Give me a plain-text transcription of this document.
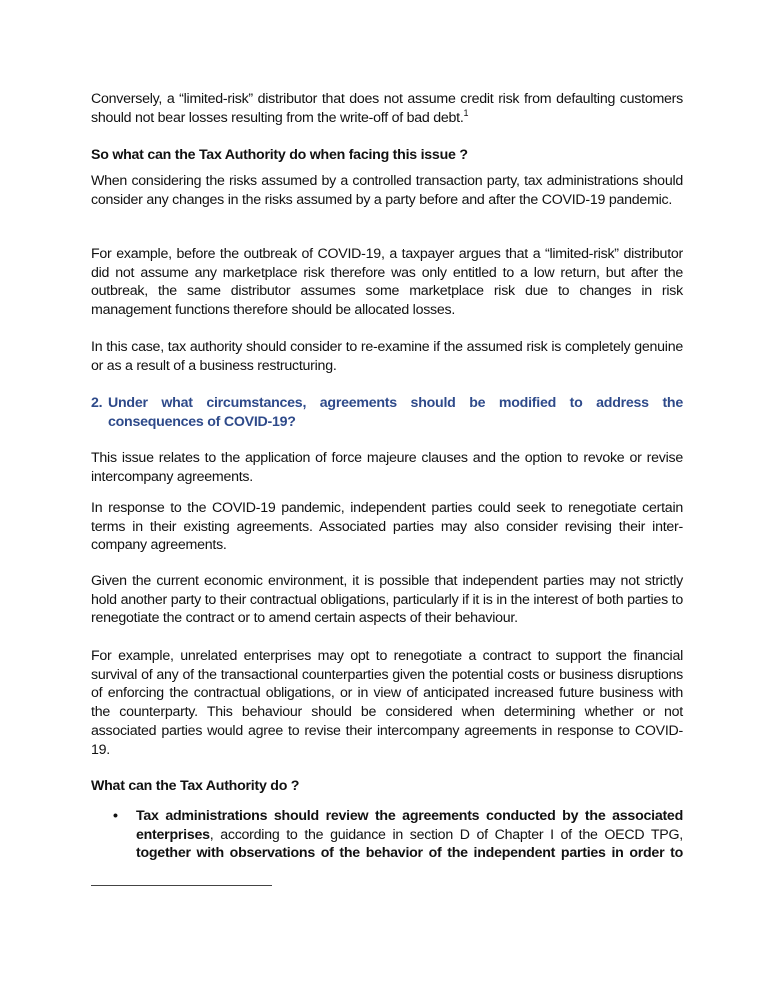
Conversely, a “limited-risk” distributor that does not assume credit risk from defaulting customers should not bear losses resulting from the write-off of bad debt.$^1$

So what can the Tax Authority do when facing this issue ?

When considering the risks assumed by a controlled transaction party, tax administrations should consider any changes in the risks assumed by a party before and after the COVID-19 pandemic.

For example, before the outbreak of COVID-19, a taxpayer argues that a “limited-risk” distributor did not assume any marketplace risk therefore was only entitled to a low return, but after the outbreak, the same distributor assumes some marketplace risk due to changes in risk management functions therefore should be allocated losses.

In this case, tax authority should consider to re-examine if the assumed risk is completely genuine or as a result of a business restructuring.

2. Under what circumstances, agreements should be modified to address the consequences of COVID-19?

This issue relates to the application of force majeure clauses and the option to revoke or revise intercompany agreements.

In response to the COVID-19 pandemic, independent parties could seek to renegotiate certain terms in their existing agreements. Associated parties may also consider revising their inter-company agreements.

Given the current economic environment, it is possible that independent parties may not strictly hold another party to their contractual obligations, particularly if it is in the interest of both parties to renegotiate the contract or to amend certain aspects of their behaviour.

For example, unrelated enterprises may opt to renegotiate a contract to support the financial survival of any of the transactional counterparties given the potential costs or business disruptions of enforcing the contractual obligations, or in view of anticipated increased future business with the counterparty. This behaviour should be considered when determining whether or not associated parties would agree to revise their intercompany agreements in response to COVID-19.

What can the Tax Authority do ?

• Tax administrations should review the agreements conducted by the associated enterprises, according to the guidance in section D of Chapter I of the OECD TPG, together with observations of the behavior of the independent parties in order to
